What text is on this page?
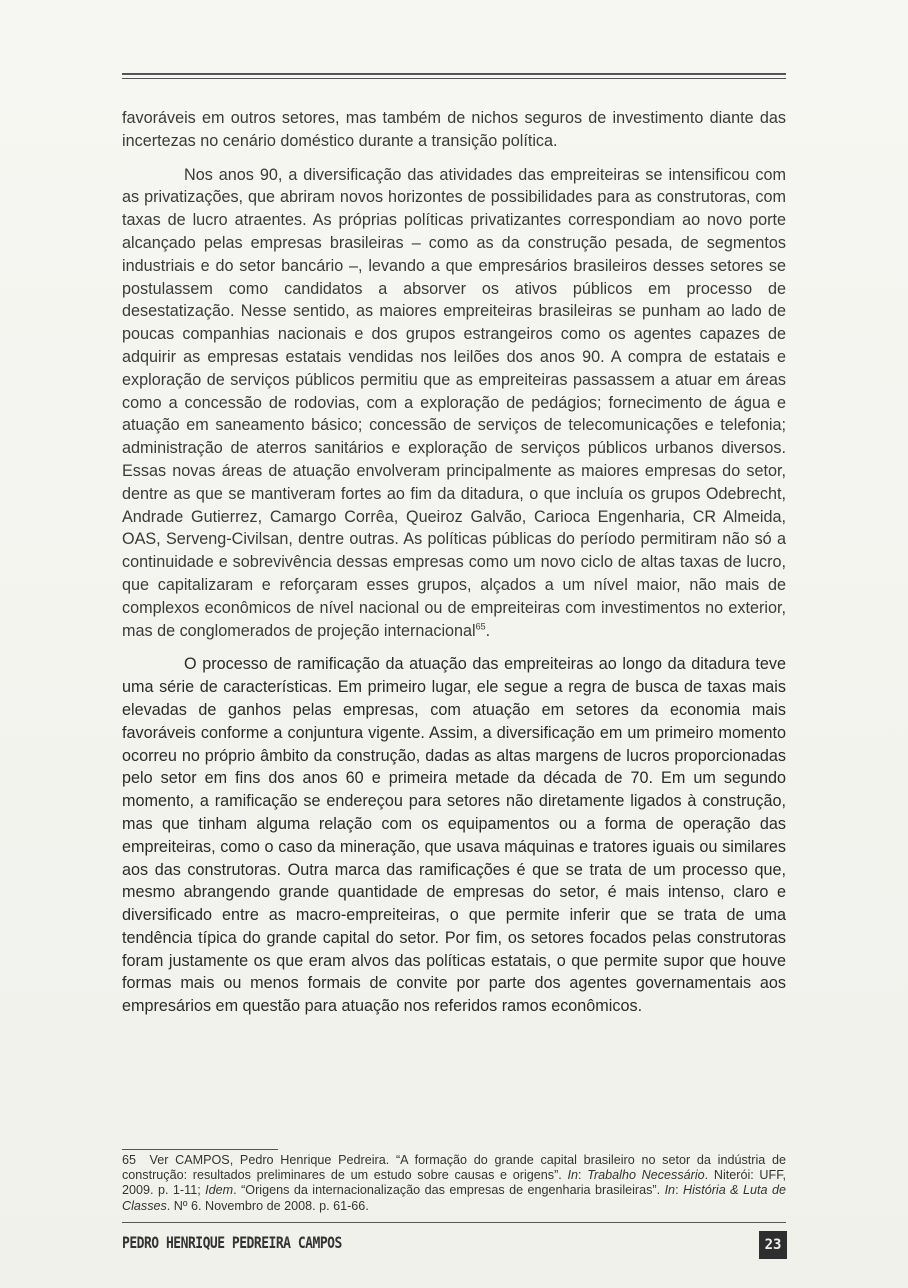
favoráveis em outros setores, mas também de nichos seguros de investimento diante das incertezas no cenário doméstico durante a transição política.

Nos anos 90, a diversificação das atividades das empreiteiras se intensificou com as privatizações, que abriram novos horizontes de possibilidades para as construtoras, com taxas de lucro atraentes. As próprias políticas privatizantes correspondiam ao novo porte alcançado pelas empresas brasileiras – como as da construção pesada, de segmentos industriais e do setor bancário –, levando a que empresários brasileiros desses setores se postulassem como candidatos a absorver os ativos públicos em processo de desestatização. Nesse sentido, as maiores empreiteiras brasileiras se punham ao lado de poucas companhias nacionais e dos grupos estrangeiros como os agentes capazes de adquirir as empresas estatais vendidas nos leilões dos anos 90. A compra de estatais e exploração de serviços públicos permitiu que as empreiteiras passassem a atuar em áreas como a concessão de rodovias, com a exploração de pedágios; fornecimento de água e atuação em saneamento básico; concessão de serviços de telecomunicações e telefonia; administração de aterros sanitários e exploração de serviços públicos urbanos diversos. Essas novas áreas de atuação envolveram principalmente as maiores empresas do setor, dentre as que se mantiveram fortes ao fim da ditadura, o que incluía os grupos Odebrecht, Andrade Gutierrez, Camargo Corrêa, Queiroz Galvão, Carioca Engenharia, CR Almeida, OAS, Serveng-Civilsan, dentre outras. As políticas públicas do período permitiram não só a continuidade e sobrevivência dessas empresas como um novo ciclo de altas taxas de lucro, que capitalizaram e reforçaram esses grupos, alçados a um nível maior, não mais de complexos econômicos de nível nacional ou de empreiteiras com investimentos no exterior, mas de conglomerados de projeção internacional$^{65}$.

O processo de ramificação da atuação das empreiteiras ao longo da ditadura teve uma série de características. Em primeiro lugar, ele segue a regra de busca de taxas mais elevadas de ganhos pelas empresas, com atuação em setores da economia mais favoráveis conforme a conjuntura vigente. Assim, a diversificação em um primeiro momento ocorreu no próprio âmbito da construção, dadas as altas margens de lucros proporcionadas pelo setor em fins dos anos 60 e primeira metade da década de 70. Em um segundo momento, a ramificação se endereçou para setores não diretamente ligados à construção, mas que tinham alguma relação com os equipamentos ou a forma de operação das empreiteiras, como o caso da mineração, que usava máquinas e tratores iguais ou similares aos das construtoras. Outra marca das ramificações é que se trata de um processo que, mesmo abrangendo grande quantidade de empresas do setor, é mais intenso, claro e diversificado entre as macro-empreiteiras, o que permite inferir que se trata de uma tendência típica do grande capital do setor. Por fim, os setores focados pelas construtoras foram justamente os que eram alvos das políticas estatais, o que permite supor que houve formas mais ou menos formais de convite por parte dos agentes governamentais aos empresários em questão para atuação nos referidos ramos econômicos.

65 Ver CAMPOS, Pedro Henrique Pedreira. “A formação do grande capital brasileiro no setor da indústria de construção: resultados preliminares de um estudo sobre causas e origens”. In: Trabalho Necessário. Niterói: UFF, 2009. p. 1-11; Idem. “Origens da internacionalização das empresas de engenharia brasileiras”. In: História & Luta de Classes. Nº 6. Novembro de 2008. p. 61-66.
PEDRO HENRIQUE PEDREIRA CAMPOS	23
